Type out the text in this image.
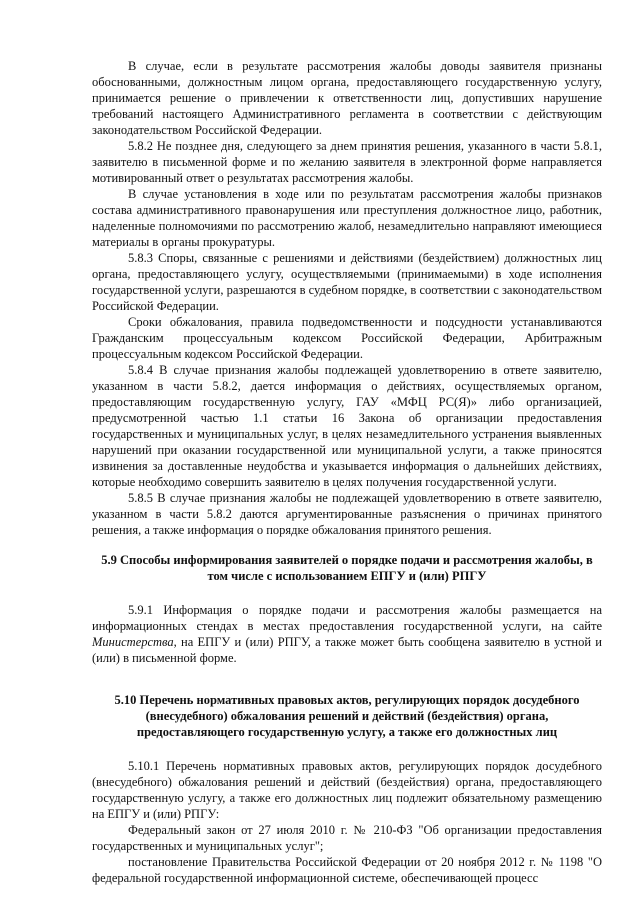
В случае, если в результате рассмотрения жалобы доводы заявителя признаны обоснованными, должностным лицом органа, предоставляющего государственную услугу, принимается решение о привлечении к ответственности лиц, допустивших нарушение требований настоящего Административного регламента в соответствии с действующим законодательством Российской Федерации.

5.8.2 Не позднее дня, следующего за днем принятия решения, указанного в части 5.8.1, заявителю в письменной форме и по желанию заявителя в электронной форме направляется мотивированный ответ о результатах рассмотрения жалобы.

В случае установления в ходе или по результатам рассмотрения жалобы признаков состава административного правонарушения или преступления должностное лицо, работник, наделенные полномочиями по рассмотрению жалоб, незамедлительно направляют имеющиеся материалы в органы прокуратуры.

5.8.3 Споры, связанные с решениями и действиями (бездействием) должностных лиц органа, предоставляющего услугу, осуществляемыми (принимаемыми) в ходе исполнения государственной услуги, разрешаются в судебном порядке, в соответствии с законодательством Российской Федерации.

Сроки обжалования, правила подведомственности и подсудности устанавливаются Гражданским процессуальным кодексом Российской Федерации, Арбитражным процессуальным кодексом Российской Федерации.

5.8.4 В случае признания жалобы подлежащей удовлетворению в ответе заявителю, указанном в части 5.8.2, дается информация о действиях, осуществляемых органом, предоставляющим государственную услугу, ГАУ «МФЦ РС(Я)» либо организацией, предусмотренной частью 1.1 статьи 16 Закона об организации предоставления государственных и муниципальных услуг, в целях незамедлительного устранения выявленных нарушений при оказании государственной или муниципальной услуги, а также приносятся извинения за доставленные неудобства и указывается информация о дальнейших действиях, которые необходимо совершить заявителю в целях получения государственной услуги.

5.8.5 В случае признания жалобы не подлежащей удовлетворению в ответе заявителю, указанном в части 5.8.2 даются аргументированные разъяснения о причинах принятого решения, а также информация о порядке обжалования принятого решения.

5.9 Способы информирования заявителей о порядке подачи и рассмотрения жалобы, в том числе с использованием ЕПГУ и (или) РПГУ

5.9.1 Информация о порядке подачи и рассмотрения жалобы размещается на информационных стендах в местах предоставления государственной услуги, на сайте Министерства, на ЕПГУ и (или) РПГУ, а также может быть сообщена заявителю в устной и (или) в письменной форме.

5.10 Перечень нормативных правовых актов, регулирующих порядок досудебного (внесудебного) обжалования решений и действий (бездействия) органа, предоставляющего государственную услугу, а также его должностных лиц

5.10.1 Перечень нормативных правовых актов, регулирующих порядок досудебного (внесудебного) обжалования решений и действий (бездействия) органа, предоставляющего государственную услугу, а также его должностных лиц подлежит обязательному размещению на ЕПГУ и (или) РПГУ:

Федеральный закон от 27 июля 2010 г. № 210-ФЗ "Об организации предоставления государственных и муниципальных услуг";

постановление Правительства Российской Федерации от 20 ноября 2012 г. № 1198 "О федеральной государственной информационной системе, обеспечивающей процесс
